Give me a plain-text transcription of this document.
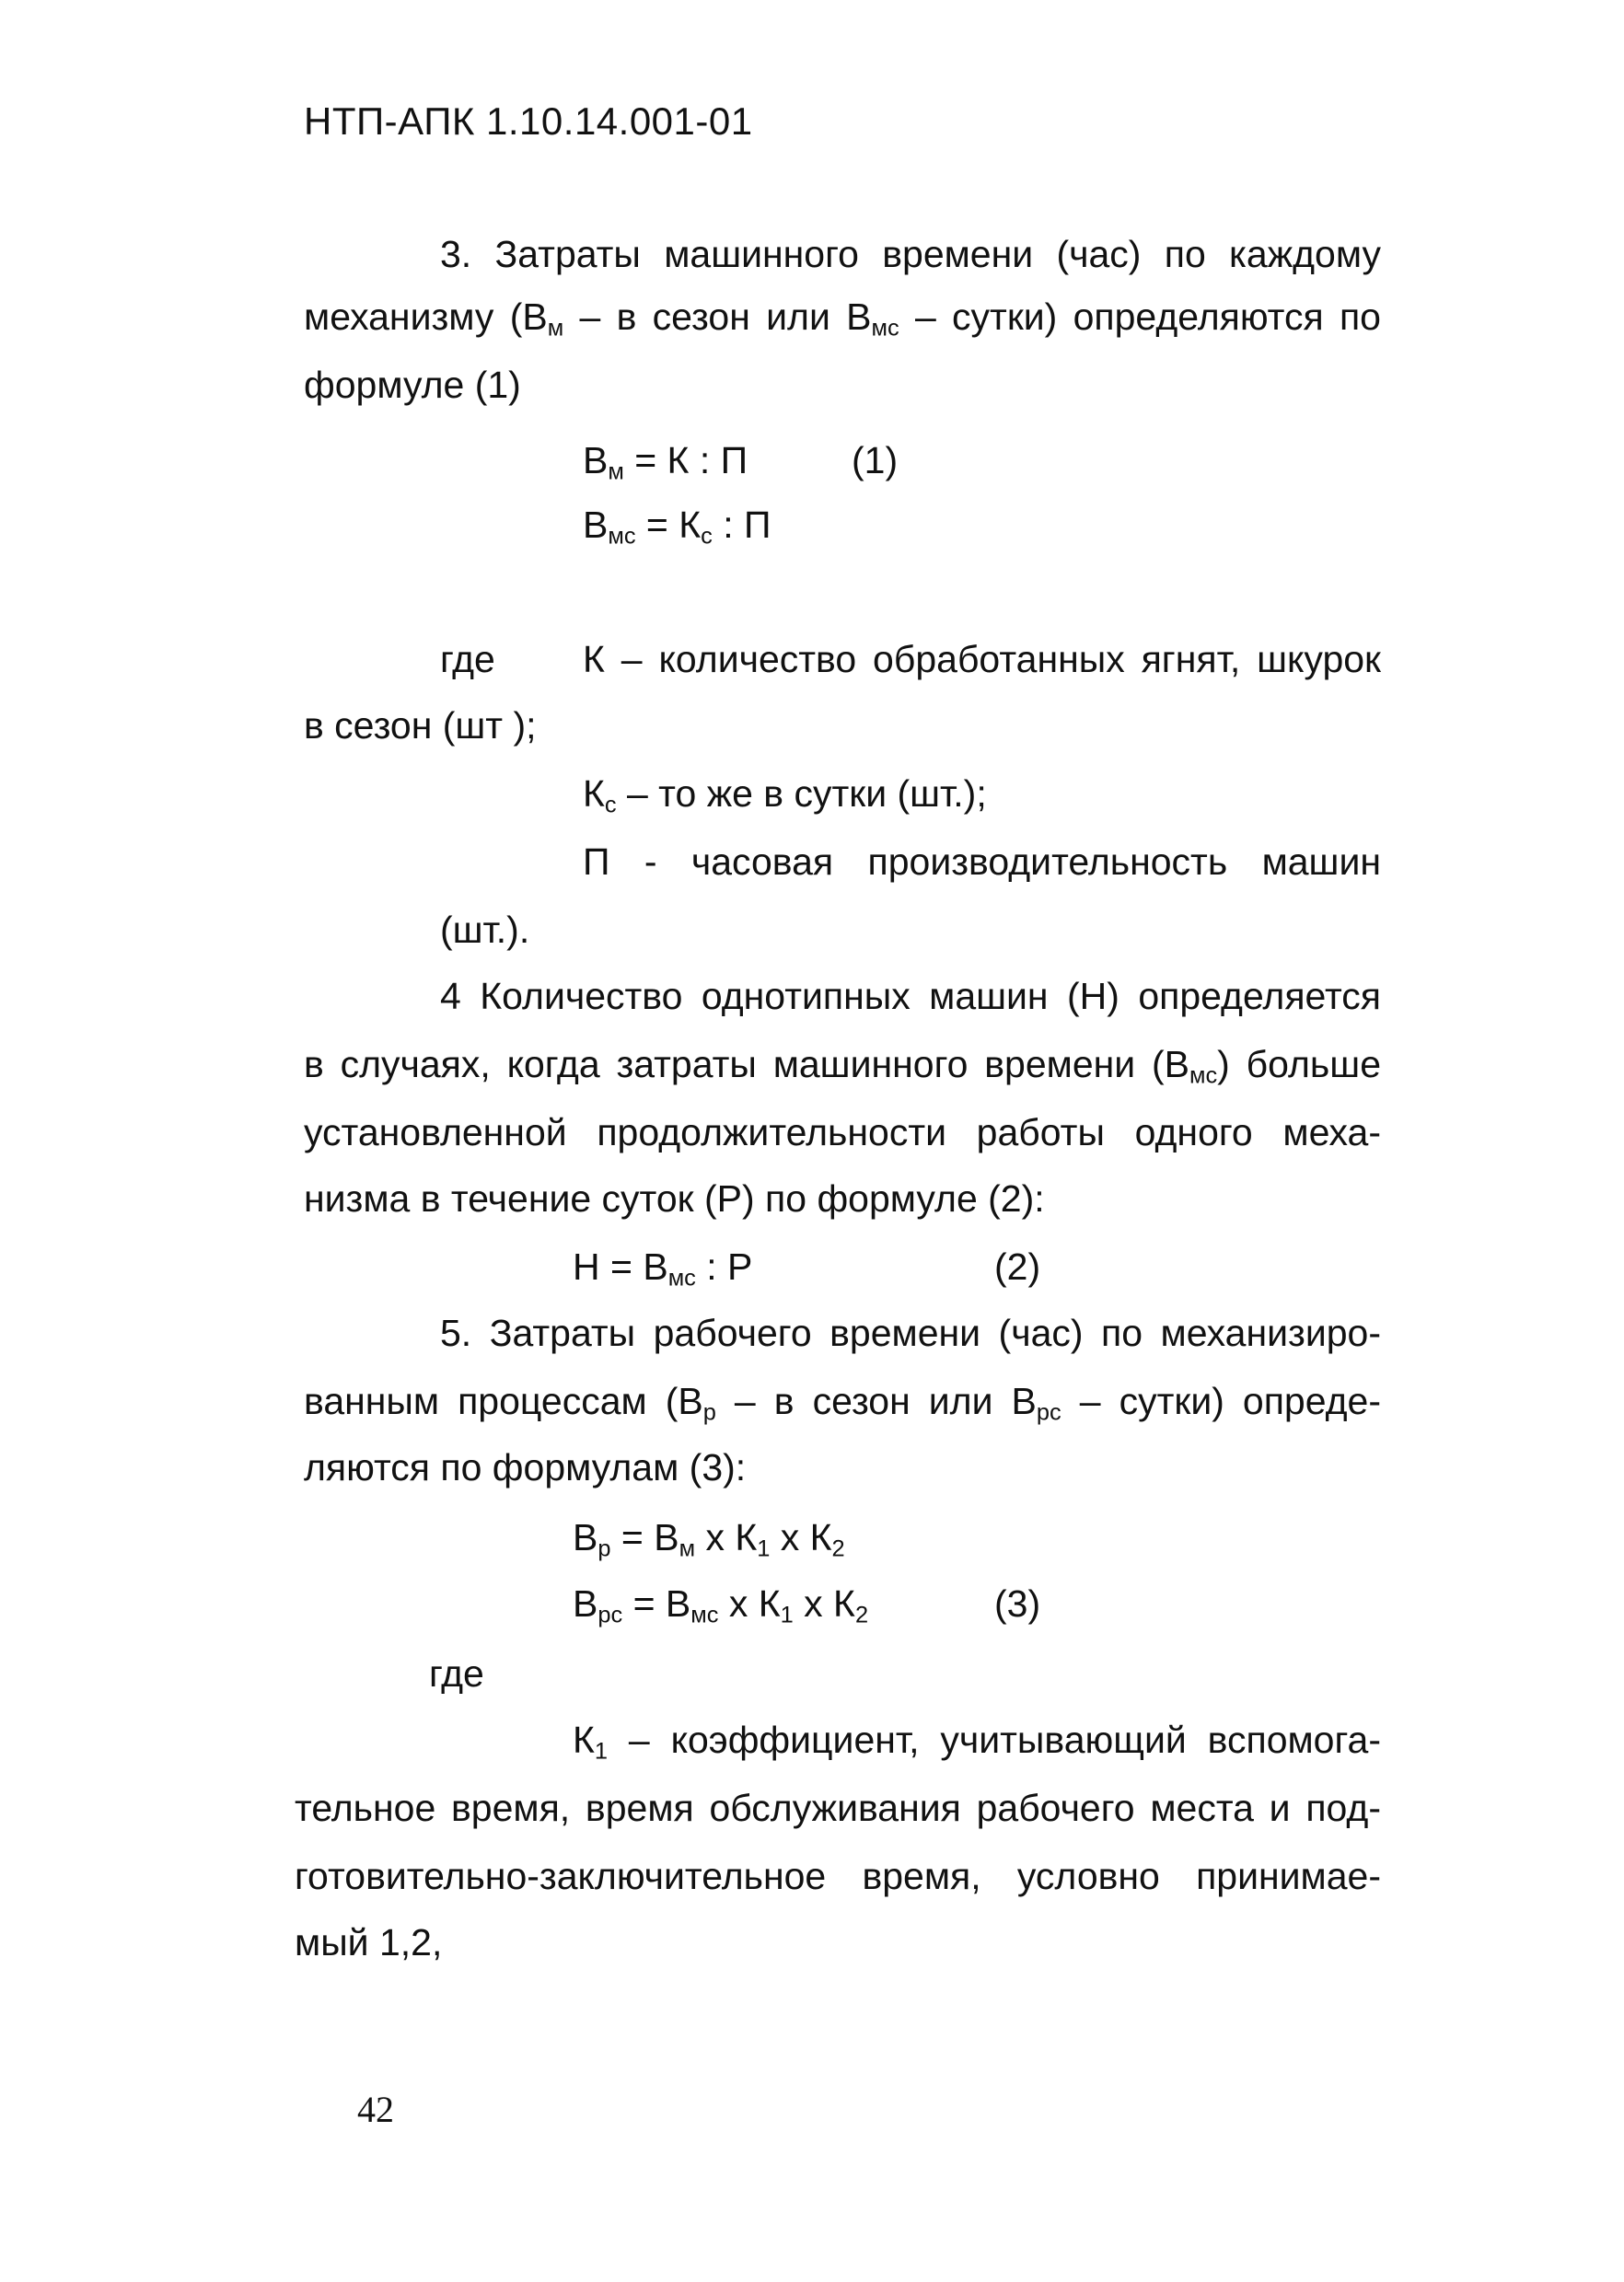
НТП-АПК 1.10.14.001-01
3. Затраты машинного времени (час) по каждому
механизму ($В_м$ – в сезон или $В_{мс}$ – сутки) определяются по
формуле (1)
$В_м = К$ : П	(1)
$В_{мс} = К_с$ : П
где К – количество обработанных ягнят, шкурок
в сезон (шт );
$К_с$ – то же в сутки (шт.);
П - часовая производительность машин
(шт.).
4 Количество однотипных машин (Н) определяется
в случаях, когда затраты машинного времени $(В_{мс})$ больше
установленной продолжительности работы одного меха-
низма в течение суток (Р) по формуле (2):
$Н = В_{мс}$ : Р	(2)
5. Затраты рабочего времени (час) по механизиро-
ванным процессам ($В_р$ – в сезон или $В_{рс}$ – сутки) опреде-
ляются по формулам (3):
$В_р = В_м$ х $К_1$ х $К_2$
$В_{рс} = В_{мс}$ х $К_1$ х $К_2$	(3)
где
$К_1$ – коэффициент, учитывающий вспомога-
тельное время, время обслуживания рабочего места и под-
готовительно-заключительное время, условно принимае-
мый 1,2,
42
